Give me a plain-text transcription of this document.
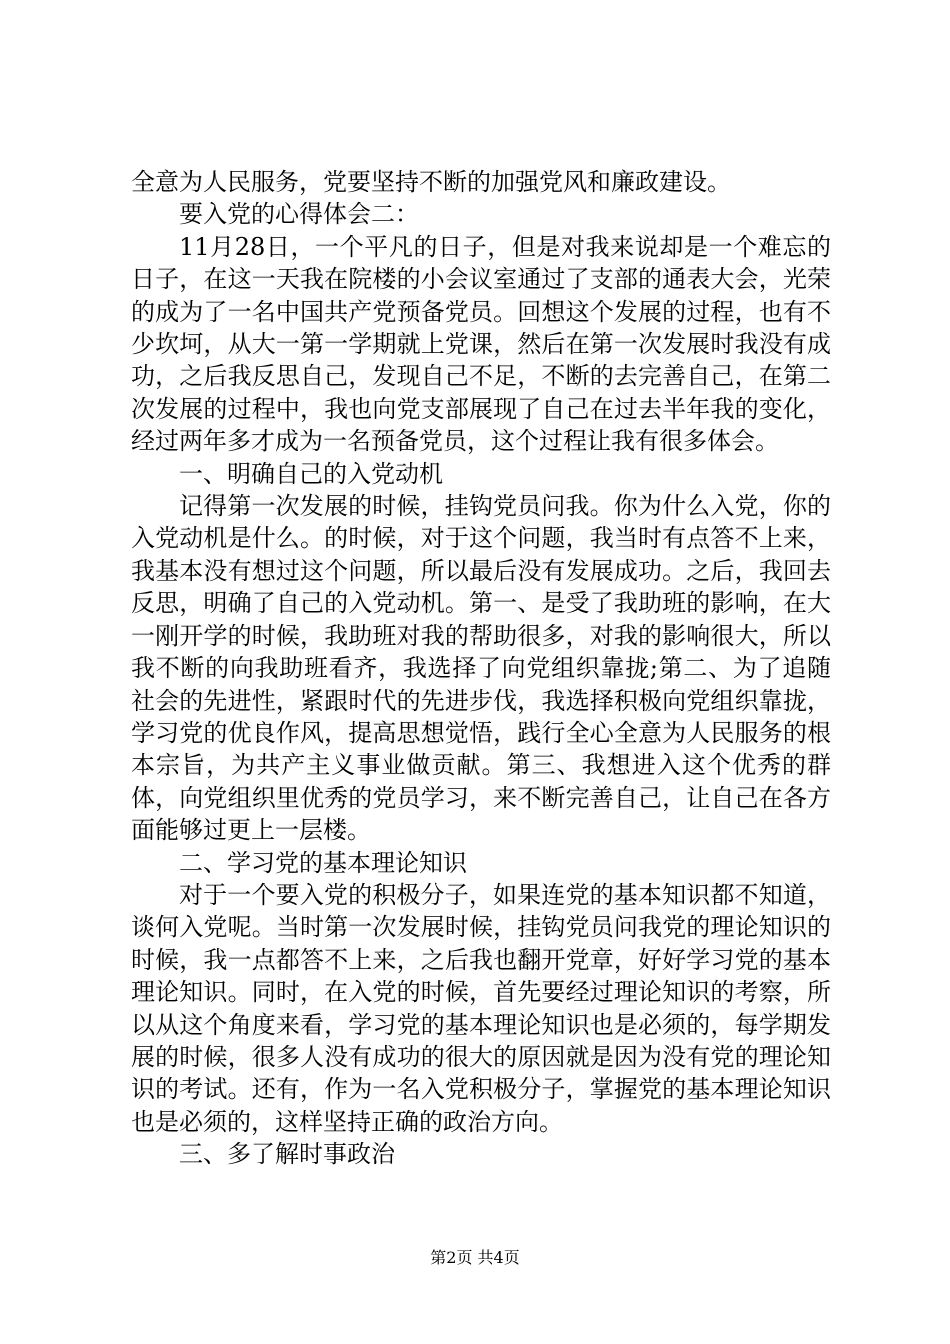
全意为人民服务，党要坚持不断的加强党风和廉政建设。

要入党的心得体会二：

11月28日，一个平凡的日子，但是对我来说却是一个难忘的日子，在这一天我在院楼的小会议室通过了支部的通表大会，光荣的成为了一名中国共产党预备党员。回想这个发展的过程，也有不少坎坷，从大一第一学期就上党课，然后在第一次发展时我没有成功，之后我反思自己，发现自己不足，不断的去完善自己，在第二次发展的过程中，我也向党支部展现了自己在过去半年我的变化，经过两年多才成为一名预备党员，这个过程让我有很多体会。

一、明确自己的入党动机

记得第一次发展的时候，挂钩党员问我。你为什么入党，你的入党动机是什么。的时候，对于这个问题，我当时有点答不上来，我基本没有想过这个问题，所以最后没有发展成功。之后，我回去反思，明确了自己的入党动机。第一、是受了我助班的影响，在大一刚开学的时候，我助班对我的帮助很多，对我的影响很大，所以我不断的向我助班看齐，我选择了向党组织靠拢;第二、为了追随社会的先进性，紧跟时代的先进步伐，我选择积极向党组织靠拢，学习党的优良作风，提高思想觉悟，践行全心全意为人民服务的根本宗旨，为共产主义事业做贡献。第三、我想进入这个优秀的群体，向党组织里优秀的党员学习，来不断完善自己，让自己在各方面能够过更上一层楼。

二、学习党的基本理论知识

对于一个要入党的积极分子，如果连党的基本知识都不知道，谈何入党呢。当时第一次发展时候，挂钩党员问我党的理论知识的时候，我一点都答不上来，之后我也翻开党章，好好学习党的基本理论知识。同时，在入党的时候，首先要经过理论知识的考察，所以从这个角度来看，学习党的基本理论知识也是必须的，每学期发展的时候，很多人没有成功的很大的原因就是因为没有党的理论知识的考试。还有，作为一名入党积极分子，掌握党的基本理论知识也是必须的，这样坚持正确的政治方向。

三、多了解时事政治

第2页 共4页
